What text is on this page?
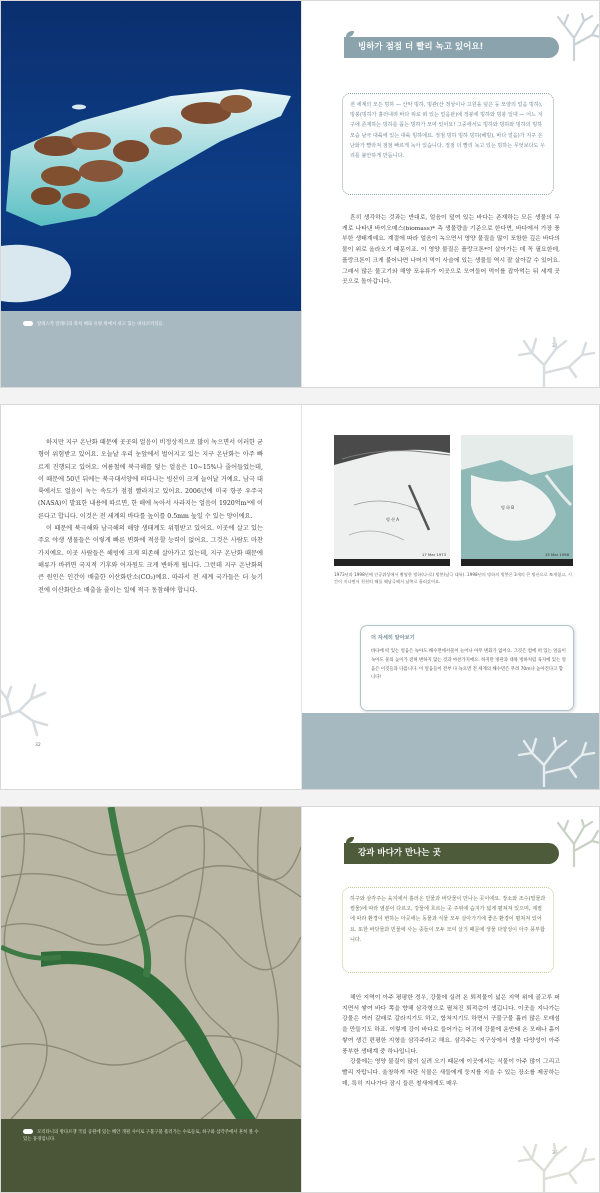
알래스카 알래디의 축치 해와 유빙 위에서 쉬고 있는 바다코끼리들.
빙하가 점점 더 빨리 녹고 있어요!
전 세계의 모든 빙하 — 산악 빙하, 빙관(산 정상이나 고원을 덮은 둥 모양의 얼음 빙하), 빙붕(빙하가 흘러내려 바다 위로 떠 있는 얼음판)에 정붕에 빙하와 빙붕 일대 — 어느 지구에 존재하는 빙하를 꼽는 빙하가 모여 있어요! 그중에서도 빙하와 빙하와 빙하의 빙하 모습 남극 대륙에 있는 대륙 빙하에요. 정점 빙하 빙하 빙하(해빙), 바다 얼음)가 지구 온난화가 빨라져 점점 빠르게 녹아 있습니다. 정점 더 빨리 녹고 있는 빙하는 무엇보다도 우리를 불안하게 만듭니다.

흔히 생각하는 것과는 반대로, 얼음이 덮여 있는 바다는 존재하는 모든 생물의 무게로 나타낸 바이오매스(biomass)* 측 생물량을 기준으로 한다면, 바다에서 가장 풍부한 생태계예요. 계절에 따라 얼음이 녹으면서 영양 물질을 많이 포함한 깊은 바다의 물이 위로 올라오기 때문이죠. 이 영양 물질은 플랑크톤*이 살아가는 데 꼭 필요한데, 플랑크톤이 크게 불어나면 나머지 먹이 사슬에 있는 생물들 역시 잘 살아갈 수 있어요. 그래서 많은 물고기와 해양 포유류가 이곳으로 모여들어 먹이를 잡아먹는 뒤 세계 곳곳으로 돌아갑니다.

31

하지만 지구 온난화 때문에 곳곳의 얼음이 비정상적으로 많이 녹으면서 이러한 균형이 위험받고 있어요. 오늘날 우리 눈앞에서 벌어지고 있는 지구 온난화는 아주 빠르게 진행되고 있어요. 여름철에 북극해를 덮는 얼음은 10~15%나 줄어들었는데, 이 때문에 50년 뒤에는 북극대서양에 떠다니는 빙산이 크게 늘어날 거예요. 남극 대륙에서도 얼음이 녹는 속도가 점점 빨라지고 있어요. 2006년에 미국 항공 우주국(NASA)이 발표한 내용에 따르면, 한 해에 녹아서 사라지는 얼음이 1920억m³에 이른다고 합니다. 이것은 전 세계의 바다를 높이를 0.5mm 높일 수 있는 양이에요.

이 때문에 북극해와 남극해의 해양 생태계도 위험받고 있어요. 이곳에 살고 있는 주요 야생 생물들은 이렇게 빠른 변화에 적응할 능력이 없어요. 그것은 사람도 마찬가지예요. 이곳 사람들은 해빙에 크게 의존해 살아가고 있는데, 지구 온난화 때문에 해류가 바뀌면 국지적 기후와 어자원도 크게 변하게 됩니다. 그런데 지구 온난화의 큰 원인은 인간이 배출한 이산화탄소(CO₂)예요. 따라서 전 세계 국가들은 더 늦기 전에 이산화탄소 배출을 줄이는 일에 적극 동참해야 합니다.

32
빙 산 A
17 Mar 1973
빙 하 B
15 Mar 1998
1973년과 1998년에 인공위성에서 촬영한 빙하(나-로) 빙붕(남극 대륙). 1998년의 빙하의 빙붕은 3개의 큰 빙산으로 쪼개졌고, 시간이 지나면서 천천히 해를 해남극해서 남쪽로 흘러갔어요.
더 자세히 알아보기
바다에 떠 있는 얼음은 녹아도 해수면에서물이 늘어나 아무 변화가 없어요. 그것은 컵에 떠 있는 얼음이 녹아도 물의 높이가 전혀 변하지 않는 것과 마찬가지예요. 하지만 빙관과 대륙 빙하처럼 육지에 있는 얼음은 이것들과 다릅니다. 이 얼음들이 전부 다 녹으면 전 세계의 해수면은 무려 70m나 높아진다고 합니다!
모리타니의 방다르갱 국립 공원에 있는 해안 개펄 사이로 구불구불 흘러가는 수로들로, 하구와 삼각주에서 흔히 볼 수 있는 풍경입니다.
강과 바다가 만나는 곳
하구와 삼각주는 육지에서 흘러온 민물과 바닷물이 만나는 곳이에요. 장소와 조수(밀물과 썰물)에 따라 염분이 다르고, 강물에 흐르는 곳 주위에 습지가 넓게 펼쳐져 있으며, 계절에 따라 환경이 변하는 아곳에는 동물과 식물 모두 살아가기에 좋은 환경이 펼쳐져 있어요. 또한 바닷물과 민물에 사는 종들이 모두 모여 살기 때문에 생물 다양성이 아주 풍부합니다.

해안 지역이 아주 평평한 경우, 강물에 실려 온 퇴적물이 넓은 지역 위에 골고루 퍼지면서 쌓여 바다 쪽을 향해 삼각형으로 펼쳐진 퇴적층이 생깁니다. 이곳을 지나가는 강물은 여러 갈래로 갈라지기도 하고, 합쳐지기도 하면서 구불구불 흘러 많은 모래섬을 만들기도 하죠. 이렇게 강이 바다로 들어가는 어귀에 강물에 운반돼 온 모래나 흙이 쌓여 생긴 편평한 지형을 삼각주라고 해요. 삼각주는 지구상에서 생물 다양성이 아주 풍부한 생태계 중 하나입니다.

강물에는 영양 물질이 많이 실려 오기 때문에 이곳에서는 식물이 아주 많이 그리고 빨리 자랍니다. 울창하게 자란 식물은 새들에게 둥지를 지을 수 있는 장소를 제공하는데, 특히 지나가다 잠시 들른 철새에게도 매우

35
